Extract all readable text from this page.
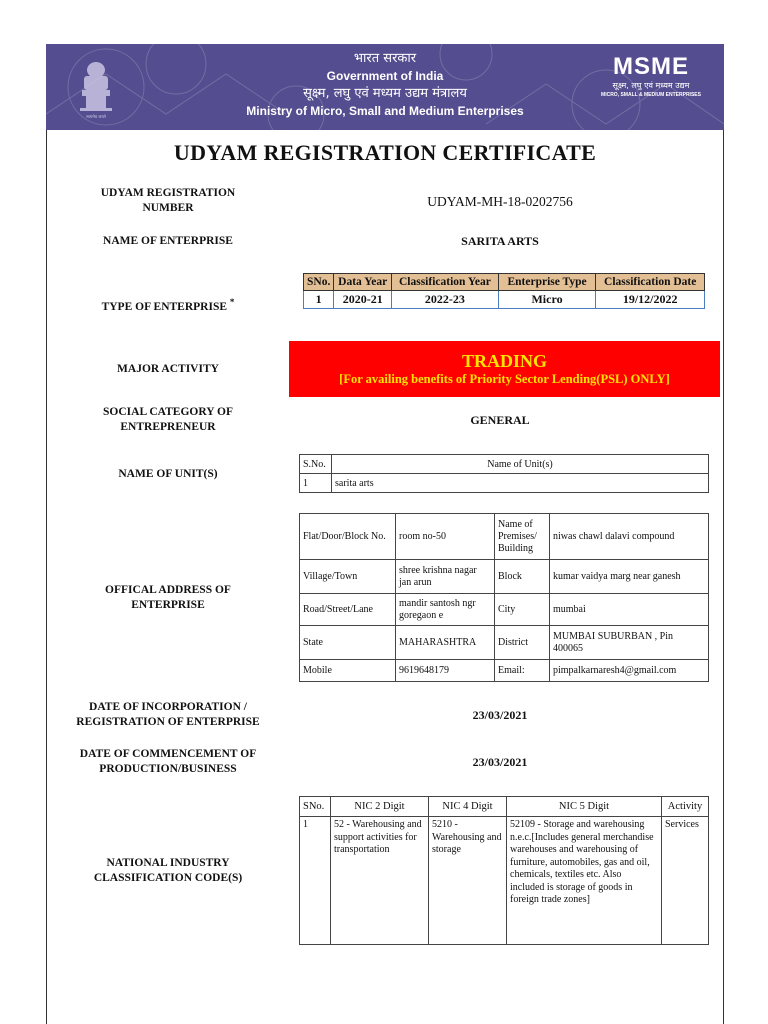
सत्यमेव जयते
भारत सरकार
Government of India
सूक्ष्म, लघु एवं मध्यम उद्यम मंत्रालय
Ministry of Micro, Small and Medium Enterprises
MSME
सूक्ष्म, लघु एवं मध्यम उद्यम
MICRO, SMALL & MEDIUM ENTERPRISES
UDYAM REGISTRATION CERTIFICATE
UDYAM REGISTRATION
NUMBER	UDYAM-MH-18-0202756
NAME OF ENTERPRISE	SARITA ARTS
TYPE OF ENTERPRISE *
SNo.	Data Year	Classification Year	Enterprise Type	Classification Date
1	2020-21	2022-23	Micro	19/12/2022
MAJOR ACTIVITY	TRADING
[For availing benefits of Priority Sector Lending(PSL) ONLY]
SOCIAL CATEGORY OF
ENTREPRENEUR	GENERAL
NAME OF UNIT(S)
S.No.	Name of Unit(s)
1	sarita arts
OFFICAL ADDRESS OF
ENTERPRISE
Flat/Door/Block No.	room no-50	Name of Premises/ Building	niwas chawl dalavi compound
Village/Town	shree krishna nagar jan arun	Block	kumar vaidya marg near ganesh
Road/Street/Lane	mandir santosh ngr goregaon e	City	mumbai
State	MAHARASHTRA	District	MUMBAI SUBURBAN , Pin 400065
Mobile	9619648179	Email:	pimpalkarnaresh4@gmail.com
DATE OF INCORPORATION /
REGISTRATION OF ENTERPRISE	23/03/2021
DATE OF COMMENCEMENT OF
PRODUCTION/BUSINESS	23/03/2021
NATIONAL INDUSTRY
CLASSIFICATION CODE(S)
SNo.	NIC 2 Digit	NIC 4 Digit	NIC 5 Digit	Activity
1	52 - Warehousing and support activities for transportation	5210 - Warehousing and storage	52109 - Storage and warehousing n.e.c.[Includes general merchandise warehouses and warehousing of furniture, automobiles, gas and oil, chemicals, textiles etc. Also included is storage of goods in foreign trade zones]	Services
